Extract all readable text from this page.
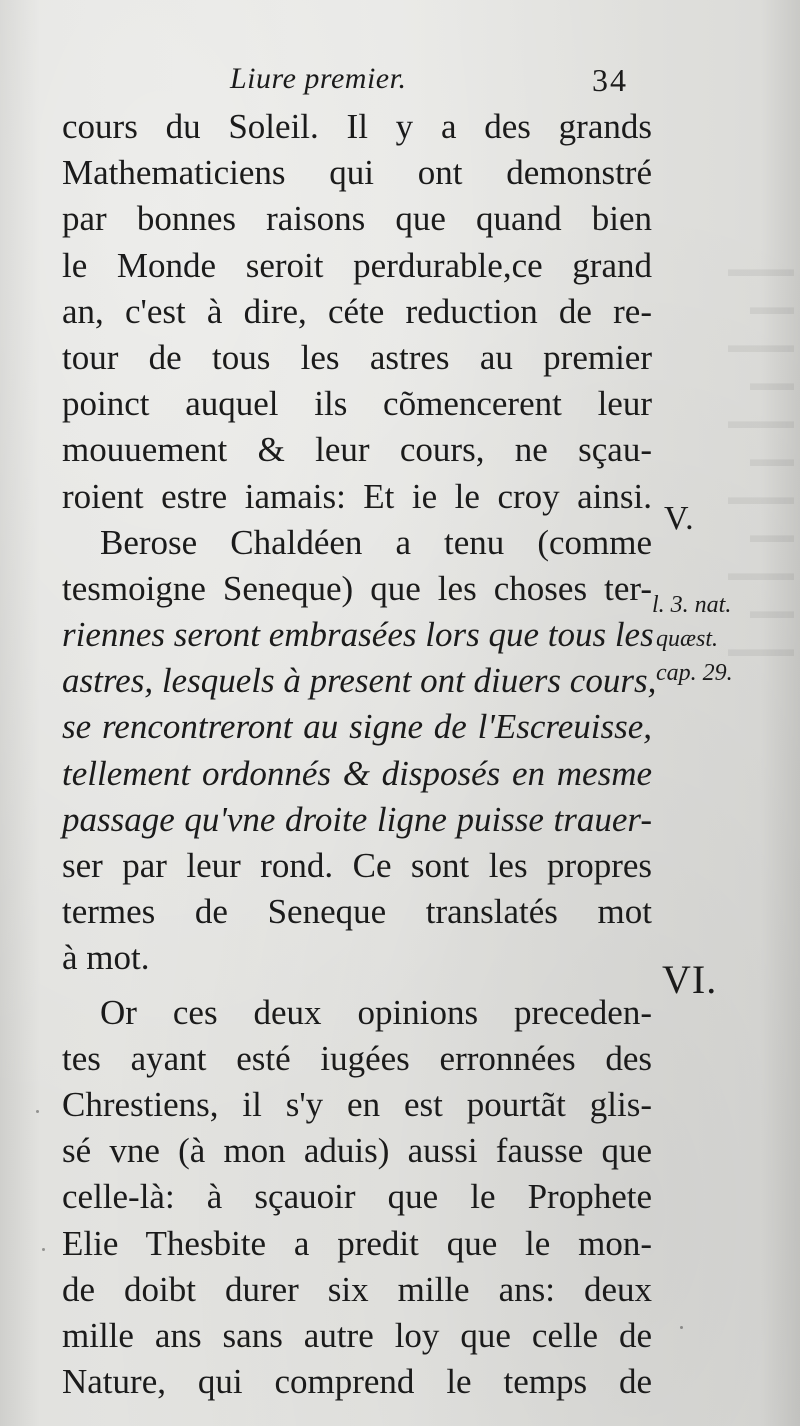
▬▬▬
▬▬
▬▬▬
▬▬
▬▬▬
▬▬
▬▬▬
▬▬
▬▬▬
▬▬
▬▬▬
Liure premier.	34
cours du Soleil. Il y a des grands
Mathematiciens qui ont demonstré
par bonnes raisons que quand bien
le Monde seroit perdurable,ce grand
an, c'est à dire, céte reduction de re-
tour de tous les astres au premier
poinct auquel ils cõmencerent leur
mouuement & leur cours, ne sçau-
roient estre iamais: Et ie le croy ainsi.
Berose Chaldéen a tenu (comme
tesmoigne Seneque) que les choses ter-
riennes seront embrasées lors que tous les
astres, lesquels à present ont diuers cours,
se rencontreront au signe de l'Escreuisse,
tellement ordonnés & disposés en mesme
passage qu'vne droite ligne puisse trauer-
ser par leur rond. Ce sont les propres
termes de Seneque translatés mot
à mot.
Or ces deux opinions preceden-
tes ayant esté iugées erronnées des
Chrestiens, il s'y en est pourtãt glis-
sé vne (à mon aduis) aussi fausse que
celle-là: à sçauoir que le Prophete
Elie Thesbite a predit que le mon-
de doibt durer six mille ans: deux
mille ans sans autre loy que celle de
Nature, qui comprend le temps de
V.
l. 3. nat.
quæst.
cap. 29.
VI.
